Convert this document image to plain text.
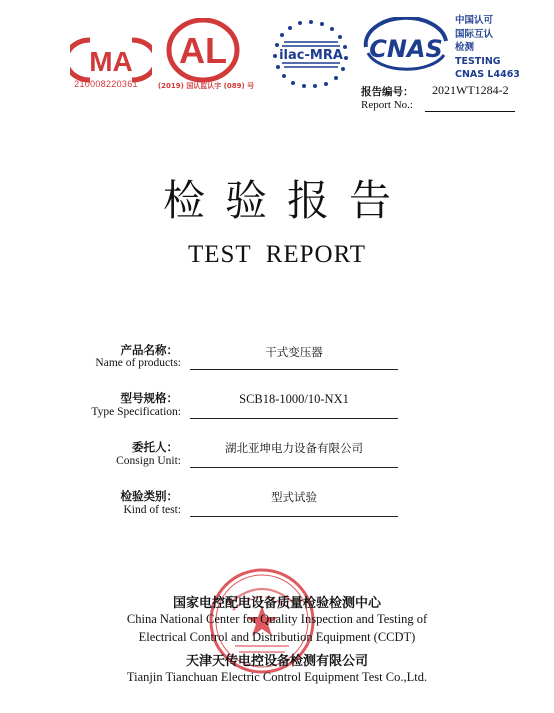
MA
210008220361
AL
(2019) 国认监认字 (089) 号
ilac-MRA CNAS
中国认可
国际互认
检测
TESTING
CNAS L4463
报告编号： 2021WT1284-2
Report No.:
检验报告
TEST  REPORT
产品名称：
Name of products:
干式变压器
型号规格：
Type Specification:
SCB18-1000/10-NX1
委托人：
Consign Unit:
湖北亚坤电力设备有限公司
检验类别：
Kind of test:
型式试验
国家电控配电设备质量检验检测中心
China National Center for Quality Inspection and Testing of
Electrical Control and Distribution Equipment (CCDT)
天津天传电控设备检测有限公司
Tianjin Tianchuan Electric Control Equipment Test Co.,Ltd.
